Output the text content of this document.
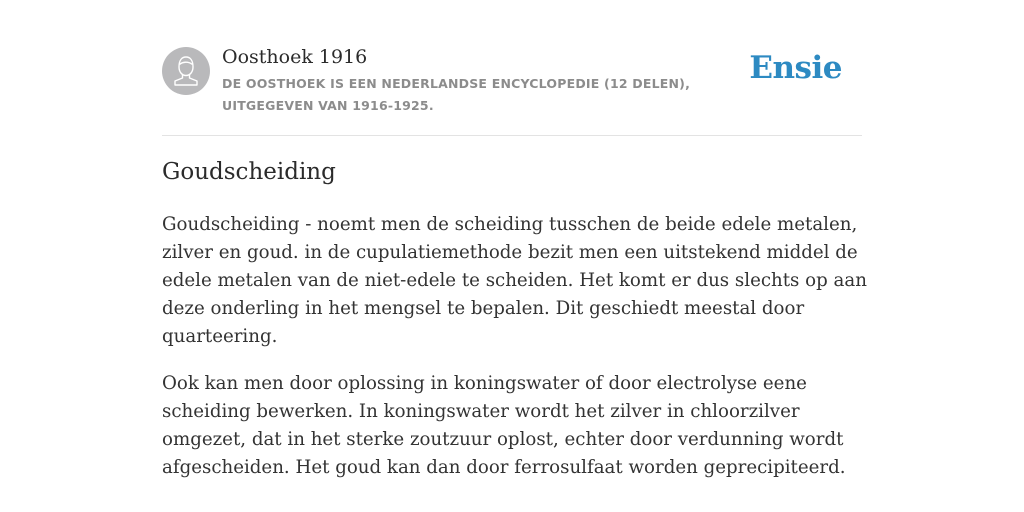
Oosthoek 1916
DE OOSTHOEK IS EEN NEDERLANDSE ENCYCLOPEDIE (12 DELEN), UITGEGEVEN VAN 1916-1925.
Ensie
Goudscheiding

Goudscheiding - noemt men de scheiding tusschen de beide edele metalen, zilver en goud. in de cupulatiemethode bezit men een uitstekend middel de edele metalen van de niet-edele te scheiden. Het komt er dus slechts op aan deze onderling in het mengsel te bepalen. Dit geschiedt meestal door quarteering.

Ook kan men door oplossing in koningswater of door electrolyse eene scheiding bewerken. In koningswater wordt het zilver in chloorzilver omgezet, dat in het sterke zoutzuur oplost, echter door verdunning wordt afgescheiden. Het goud kan dan door ferrosulfaat worden geprecipiteerd.
